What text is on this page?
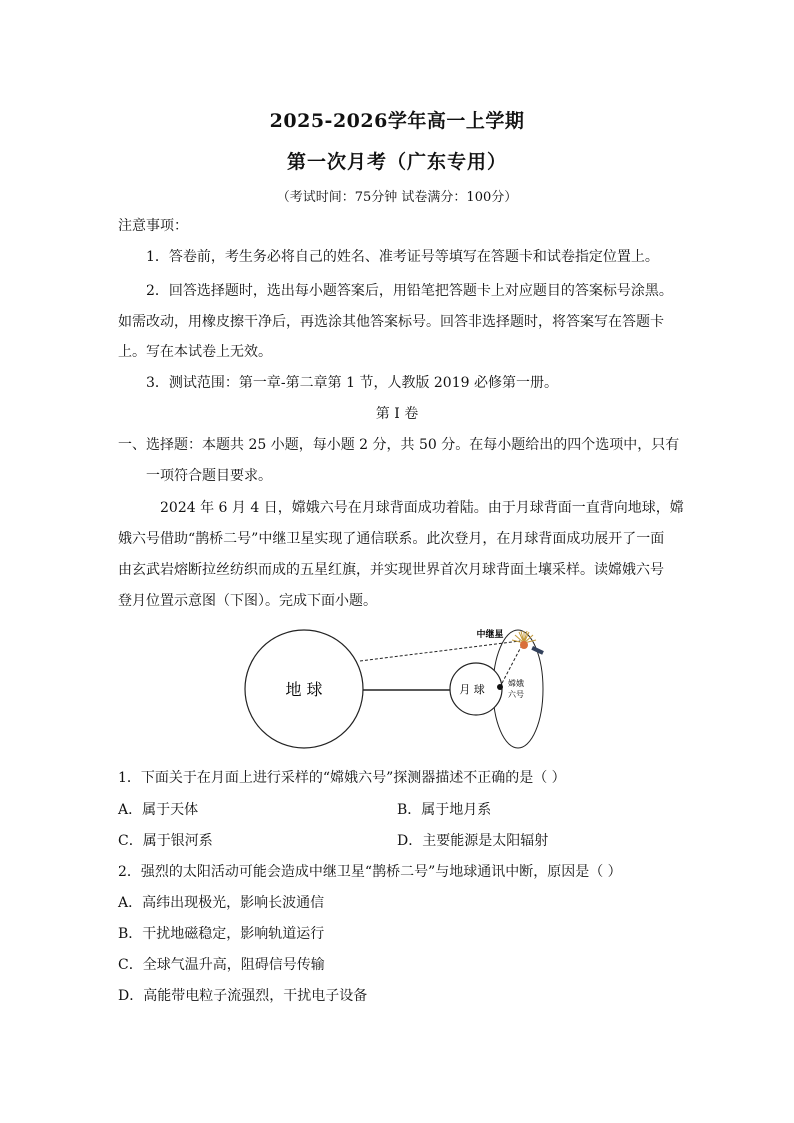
2025-2026学年高一上学期
第一次月考（广东专用）
（考试时间：75分钟 试卷满分：100分）
注意事项：
1．答卷前，考生务必将自己的姓名、准考证号等填写在答题卡和试卷指定位置上。
2．回答选择题时，选出每小题答案后，用铅笔把答题卡上对应题目的答案标号涂黑。
如需改动，用橡皮擦干净后，再选涂其他答案标号。回答非选择题时，将答案写在答题卡
上。写在本试卷上无效。
3．测试范围：第一章-第二章第 1 节，人教版 2019 必修第一册。
第 I 卷
一、选择题：本题共 25 小题，每小题 2 分，共 50 分。在每小题给出的四个选项中，只有
一项符合题目要求。
2024 年 6 月 4 日，嫦娥六号在月球背面成功着陆。由于月球背面一直背向地球，嫦
娥六号借助“鹊桥二号”中继卫星实现了通信联系。此次登月，在月球背面成功展开了一面
由玄武岩熔断拉丝纺织而成的五星红旗，并实现世界首次月球背面土壤采样。读嫦娥六号
登月位置示意图（下图）。完成下面小题。
地 球	月 球	嫦娥
六号
中继星
1．下面关于在月面上进行采样的“嫦娥六号”探测器描述不正确的是（ ）
A．属于天体	B．属于地月系
C．属于银河系	D．主要能源是太阳辐射
2．强烈的太阳活动可能会造成中继卫星“鹊桥二号”与地球通讯中断，原因是（ ）
A．高纬出现极光，影响长波通信
B．干扰地磁稳定，影响轨道运行
C．全球气温升高，阻碍信号传输
D．高能带电粒子流强烈，干扰电子设备
